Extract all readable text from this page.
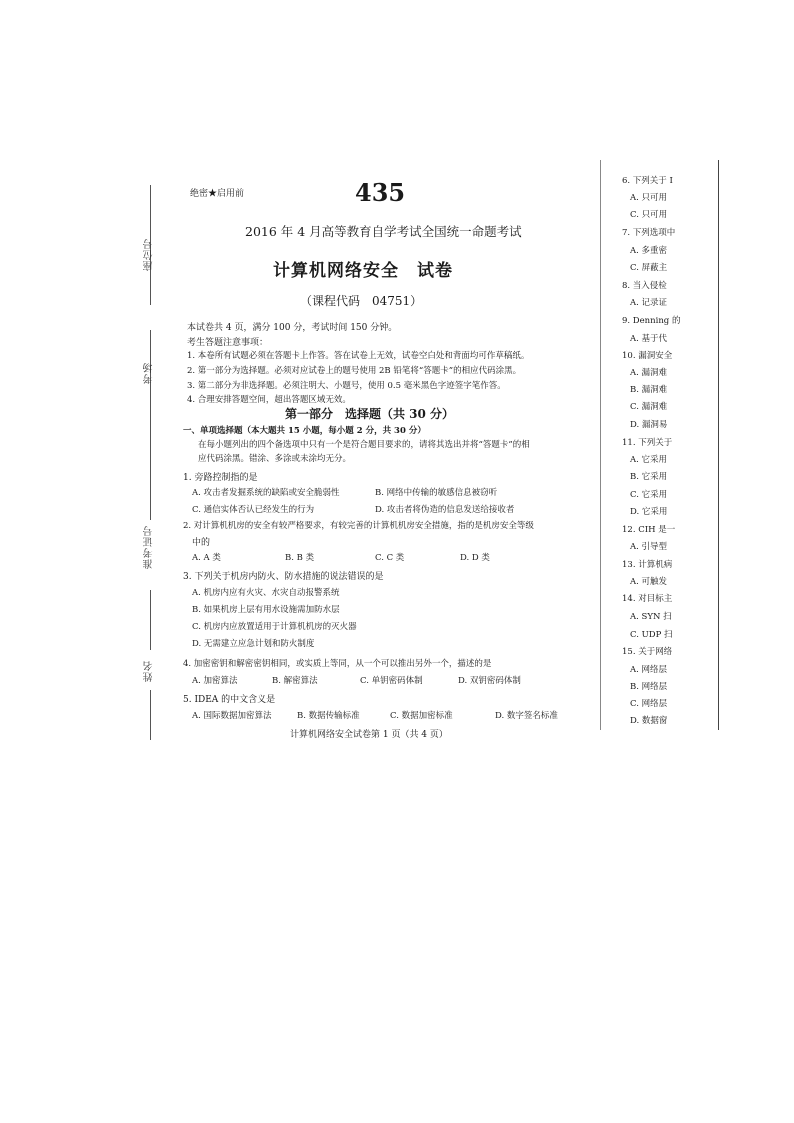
座位号
考场
准考证号
姓名
绝密★启用前	435
2016 年 4 月高等教育自学考试全国统一命题考试
计算机网络安全　试卷
（课程代码　04751）
本试卷共 4 页，满分 100 分，考试时间 150 分钟。
考生答题注意事项：
1. 本卷所有试题必须在答题卡上作答。答在试卷上无效，试卷空白处和背面均可作草稿纸。
2. 第一部分为选择题。必须对应试卷上的题号使用 2B 铅笔将“答题卡”的相应代码涂黑。
3. 第二部分为非选择题。必须注明大、小题号，使用 0.5 毫米黑色字迹签字笔作答。
4. 合理安排答题空间，超出答题区域无效。
第一部分　选择题（共 30 分）
一、单项选择题（本大题共 15 小题，每小题 2 分，共 30 分）
在每小题列出的四个备选项中只有一个是符合题目要求的，请将其选出并将“答题卡”的相
应代码涂黑。错涂、多涂或未涂均无分。
1. 旁路控制指的是
A. 攻击者发掘系统的缺陷或安全脆弱性	B. 网络中传输的敏感信息被窃听
C. 通信实体否认已经发生的行为	D. 攻击者将伪造的信息发送给接收者
2. 对计算机机房的安全有较严格要求，有较完善的计算机机房安全措施，指的是机房安全等级
中的
A. A 类	B. B 类	C. C 类	D. D 类
3. 下列关于机房内防火、防水措施的说法错误的是
A. 机房内应有火灾、水灾自动报警系统
B. 如果机房上层有用水设施需加防水层
C. 机房内应放置适用于计算机机房的灭火器
D. 无需建立应急计划和防火制度
4. 加密密钥和解密密钥相同，或实质上等同，从一个可以推出另外一个，描述的是
A. 加密算法	B. 解密算法	C. 单钥密码体制	D. 双钥密码体制
5. IDEA 的中文含义是
A. 国际数据加密算法	B. 数据传输标准	C. 数据加密标准	D. 数字签名标准
计算机网络安全试卷第 1 页（共 4 页）
6. 下列关于 I
A. 只可用
C. 只可用
7. 下列选项中
A. 多重密
C. 屏蔽主
8. 当入侵检
A. 记录证
9. Denning 的
A. 基于代
10. 漏洞安全
A. 漏洞难
B. 漏洞难
C. 漏洞难
D. 漏洞易
11. 下列关于
A. 它采用
B. 它采用
C. 它采用
D. 它采用
12. CIH 是一
A. 引导型
13. 计算机病
A. 可触发
14. 对目标主
A. SYN 扫
C. UDP 扫
15. 关于网络
A. 网络层
B. 网络层
C. 网络层
D. 数据窗
